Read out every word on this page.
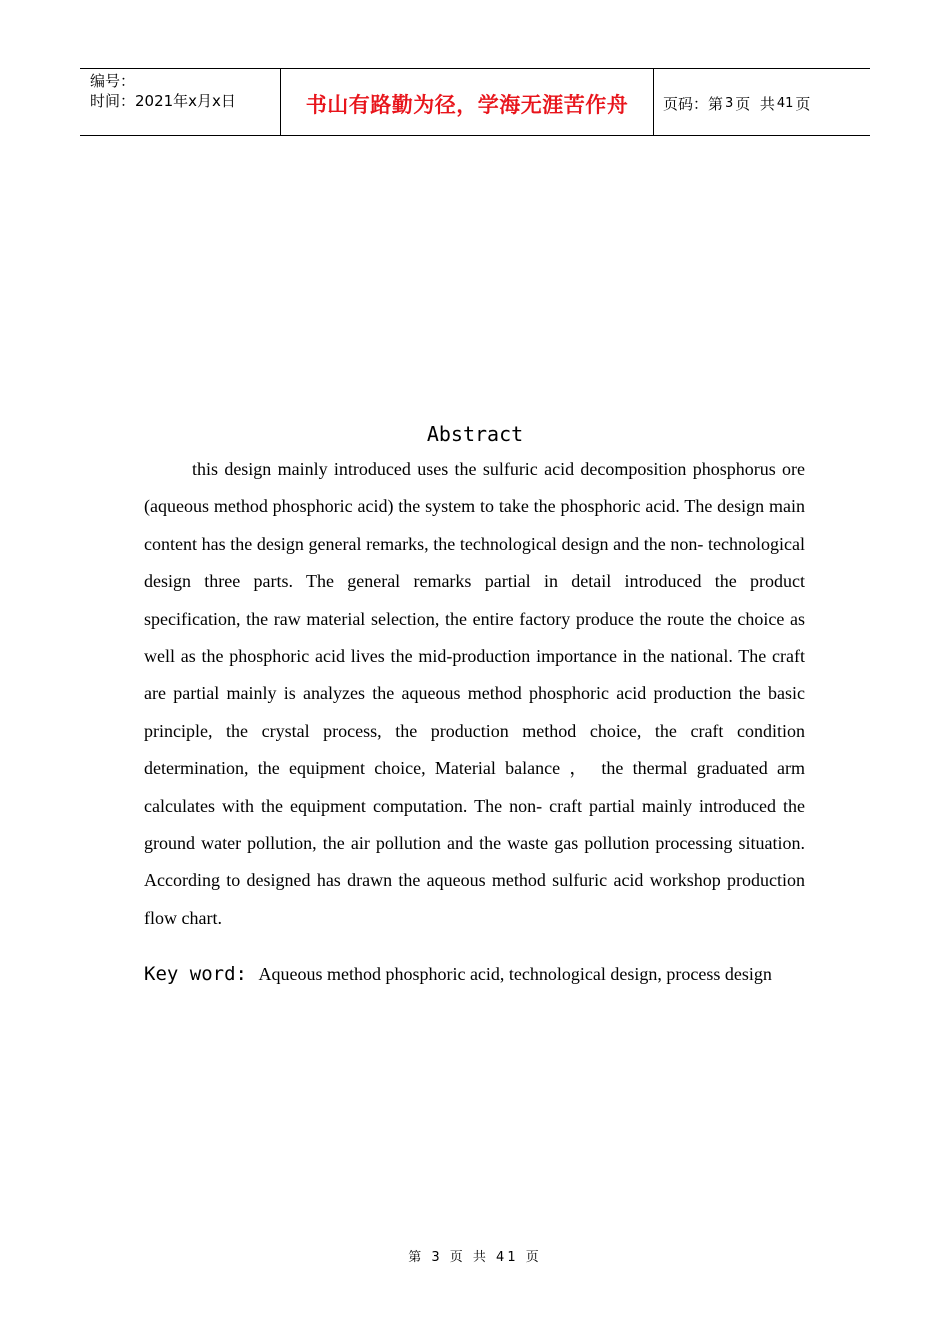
编号：
时间：2021年x月x日	书山有路勤为径，学海无涯苦作舟	页码：第 3 页  共 41 页
Abstract

this design mainly introduced uses the sulfuric acid decomposition phosphorus ore (aqueous method phosphoric acid) the system to take the phosphoric acid. The design main content has the design general remarks, the technological design and the non- technological design three parts. The general remarks partial in detail introduced the product specification, the raw material selection, the entire factory produce the route the choice as well as the phosphoric acid lives the mid-production importance in the national. The craft are partial mainly is analyzes the aqueous method phosphoric acid production the basic principle, the crystal process, the production method choice, the craft condition determination, the equipment choice, Material balance ， the thermal graduated arm calculates with the equipment computation. The non- craft partial mainly introduced the ground water pollution, the air pollution and the waste gas pollution processing situation. According to designed has drawn the aqueous method sulfuric acid workshop production flow chart.

Key word: Aqueous method phosphoric acid, technological design, process design

第 3 页 共 41 页
